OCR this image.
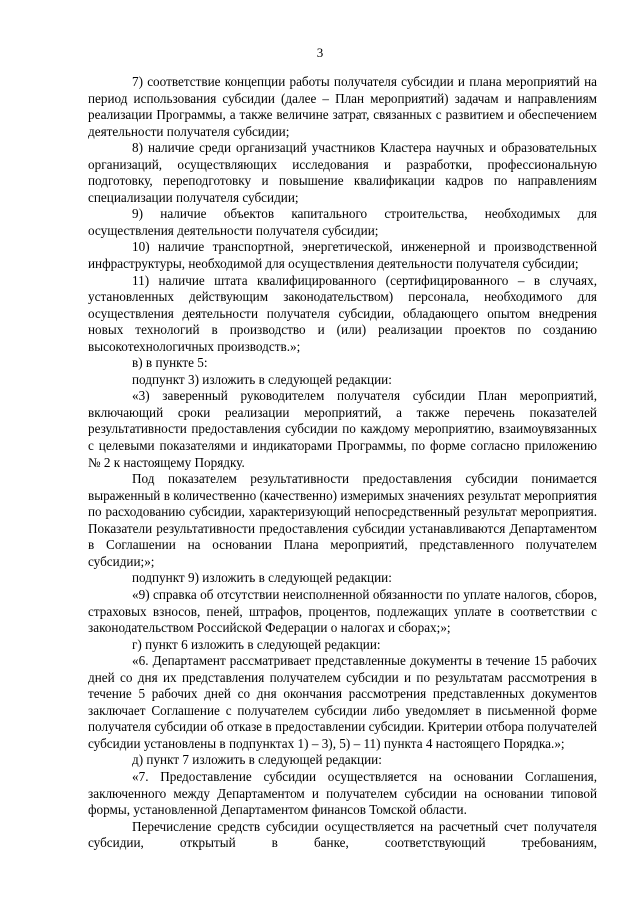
3

7) соответствие концепции работы получателя субсидии и плана мероприятий на период использования субсидии (далее – План мероприятий) задачам и направлениям реализации Программы, а также величине затрат, связанных с развитием и обеспечением деятельности получателя субсидии;

8) наличие среди организаций участников Кластера научных и образовательных организаций, осуществляющих исследования и разработки, профессиональную подготовку, переподготовку и повышение квалификации кадров по направлениям специализации получателя субсидии;

9) наличие объектов капитального строительства, необходимых для осуществления деятельности получателя субсидии;

10) наличие транспортной, энергетической, инженерной и производственной инфраструктуры, необходимой для осуществления деятельности получателя субсидии;

11) наличие штата квалифицированного (сертифицированного – в случаях, установленных действующим законодательством) персонала, необходимого для осуществления деятельности получателя субсидии, обладающего опытом внедрения новых технологий в производство и (или) реализации проектов по созданию высокотехнологичных производств.»;

в) в пункте 5:

подпункт 3) изложить в следующей редакции:

«3) заверенный руководителем получателя субсидии План мероприятий, включающий сроки реализации мероприятий, а также перечень показателей результативности предоставления субсидии по каждому мероприятию, взаимоувязанных с целевыми показателями и индикаторами Программы, по форме согласно приложению № 2 к настоящему Порядку.

Под показателем результативности предоставления субсидии понимается выраженный в количественно (качественно) измеримых значениях результат мероприятия по расходованию субсидии, характеризующий непосредственный результат мероприятия. Показатели результативности предоставления субсидии устанавливаются Департаментом в Соглашении на основании Плана мероприятий, представленного получателем субсидии;»;

подпункт 9) изложить в следующей редакции:

«9) справка об отсутствии неисполненной обязанности по уплате налогов, сборов, страховых взносов, пеней, штрафов, процентов, подлежащих уплате в соответствии с законодательством Российской Федерации о налогах и сборах;»;

г) пункт 6 изложить в следующей редакции:

«6. Департамент рассматривает представленные документы в течение 15 рабочих дней со дня их представления получателем субсидии и по результатам рассмотрения в течение 5 рабочих дней со дня окончания рассмотрения представленных документов заключает Соглашение с получателем субсидии либо уведомляет в письменной форме получателя субсидии об отказе в предоставлении субсидии. Критерии отбора получателей субсидии установлены в подпунктах 1) – 3), 5) – 11) пункта 4 настоящего Порядка.»;

д) пункт 7 изложить в следующей редакции:

«7. Предоставление субсидии осуществляется на основании Соглашения, заключенного между Департаментом и получателем субсидии на основании типовой формы, установленной Департаментом финансов Томской области.

Перечисление средств субсидии осуществляется на расчетный счет получателя субсидии, открытый в банке, соответствующий требованиям,
